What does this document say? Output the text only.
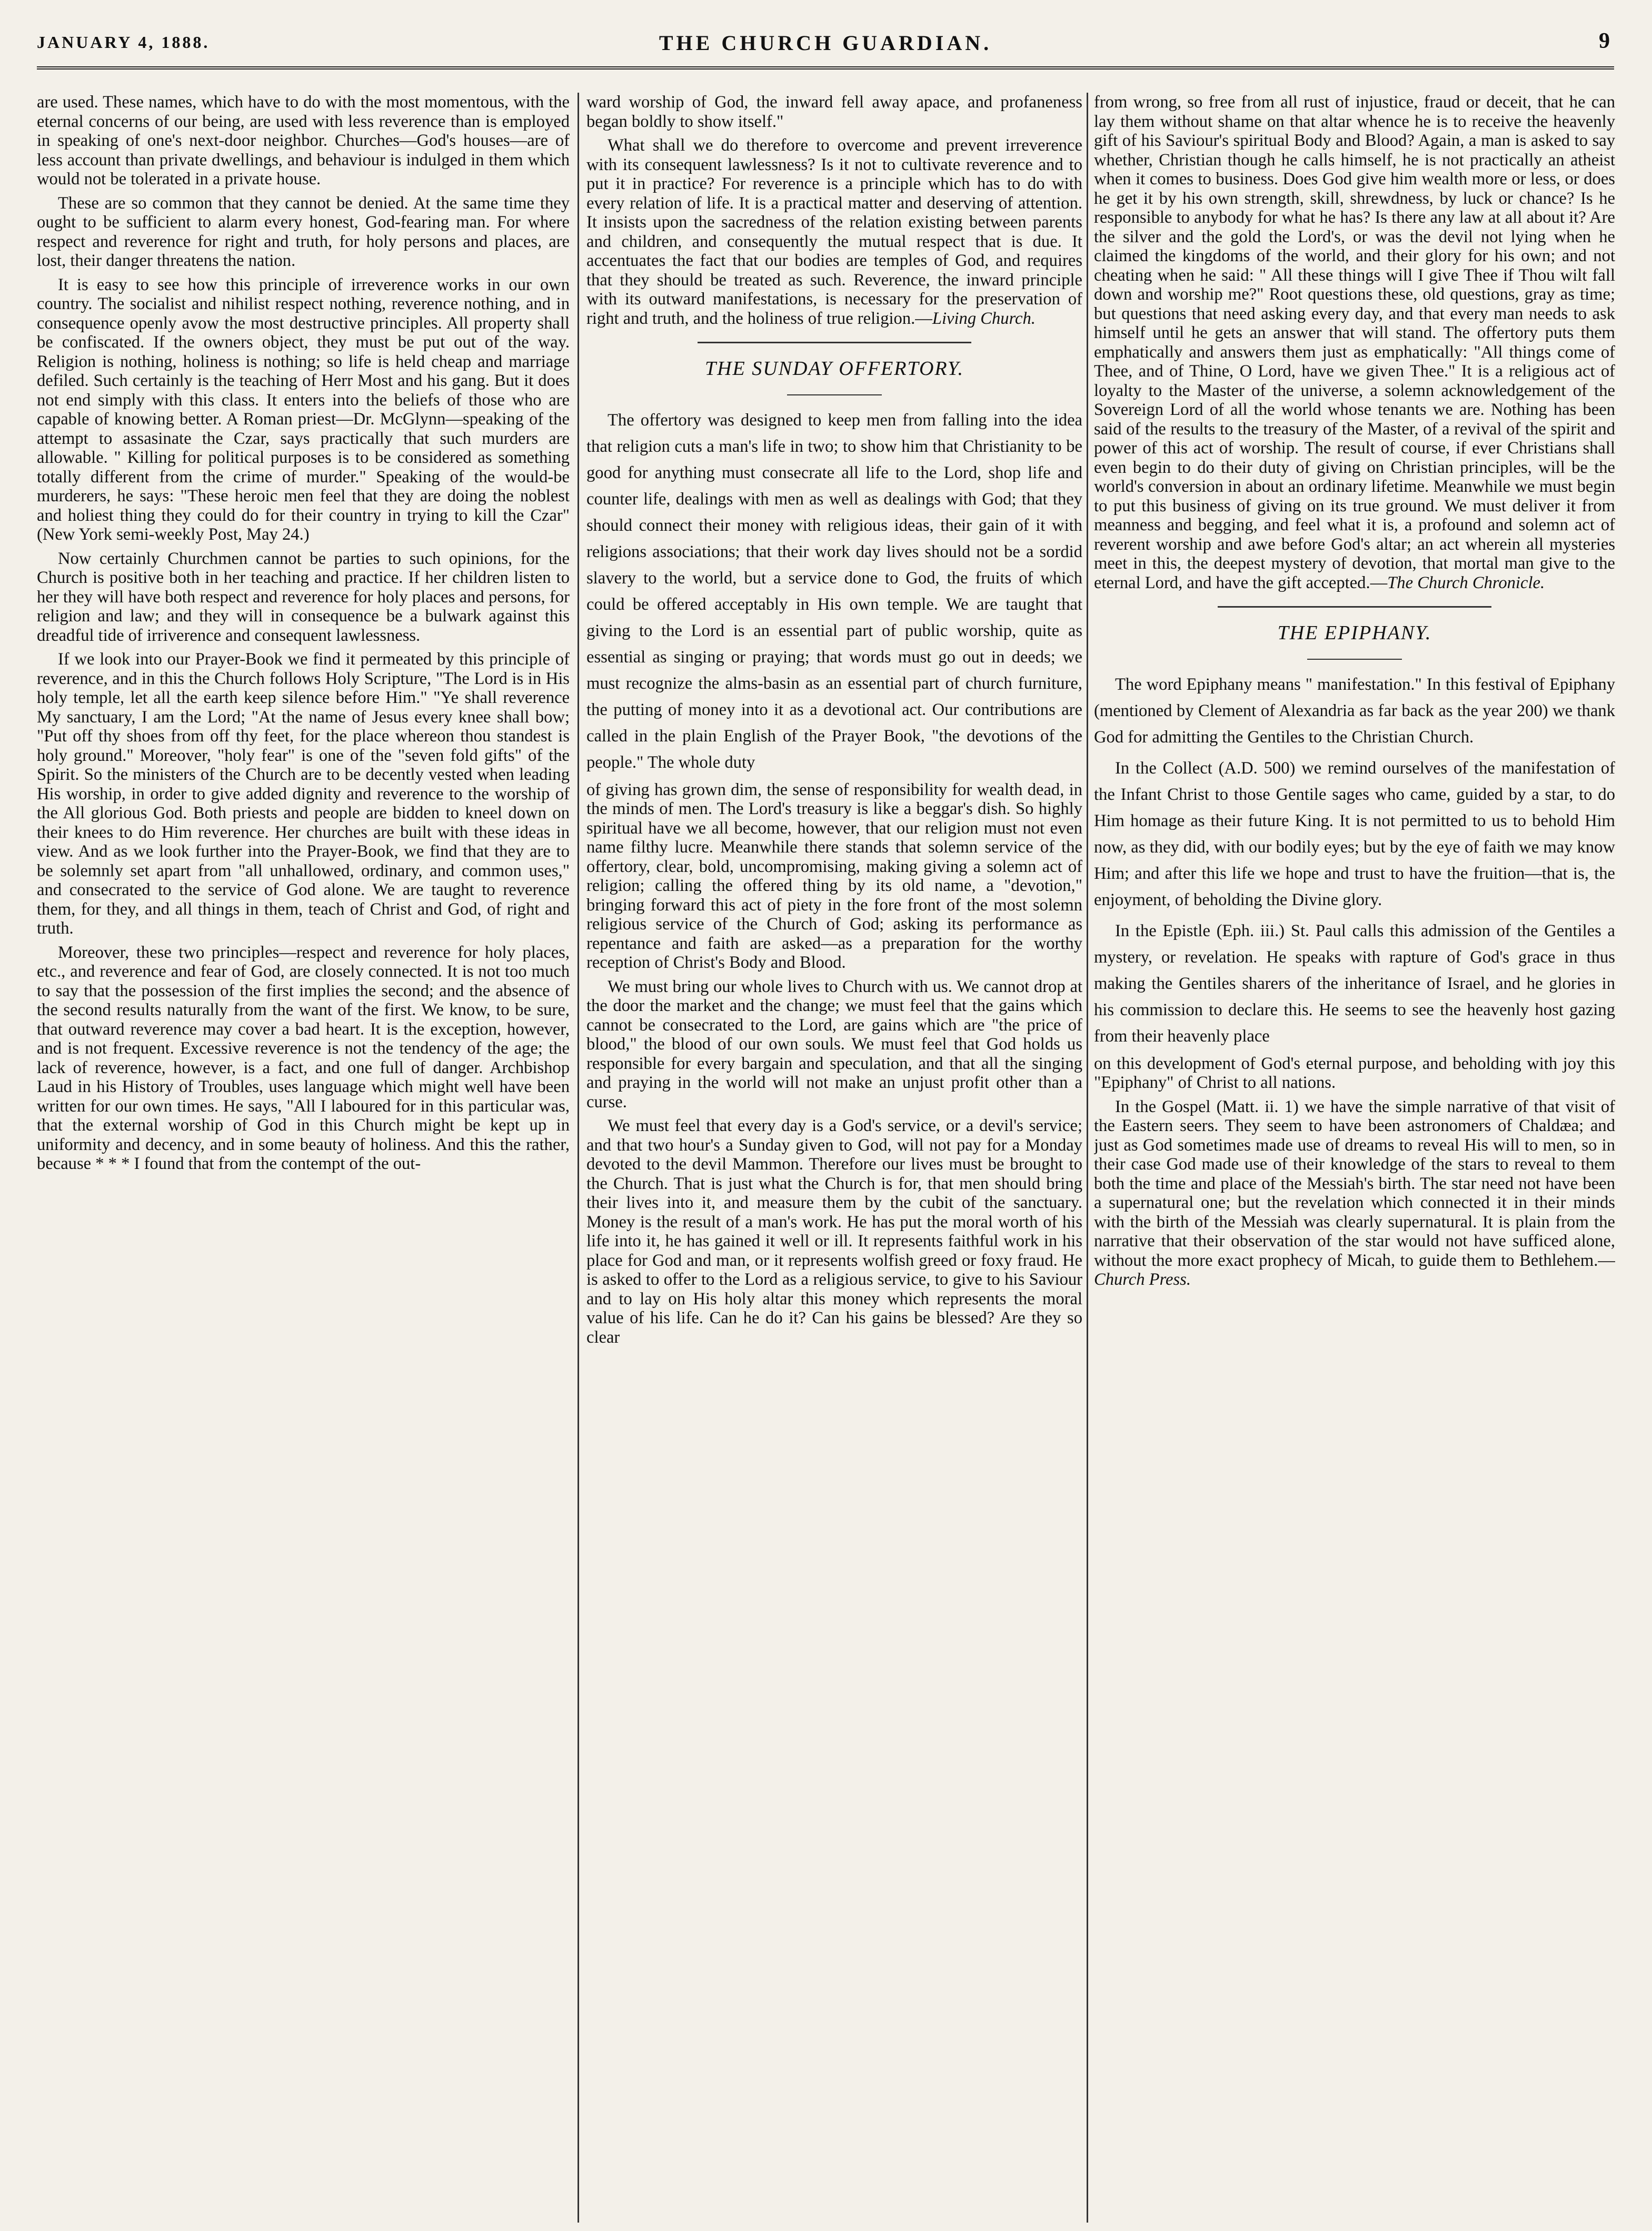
JANUARY 4, 1888.	THE CHURCH GUARDIAN.	9

are used. These names, which have to do with the most momentous, with the eternal concerns of our being, are used with less reverence than is employed in speaking of one's next-door neighbor. Churches—God's houses—are of less account than private dwellings, and behaviour is indulged in them which would not be tolerated in a private house.

These are so common that they cannot be denied. At the same time they ought to be sufficient to alarm every honest, God-fearing man. For where respect and reverence for right and truth, for holy persons and places, are lost, their danger threatens the nation.

It is easy to see how this principle of irreverence works in our own country. The socialist and nihilist respect nothing, reverence nothing, and in consequence openly avow the most destructive principles. All property shall be confiscated. If the owners object, they must be put out of the way. Religion is nothing, holiness is nothing; so life is held cheap and marriage defiled. Such certainly is the teaching of Herr Most and his gang. But it does not end simply with this class. It enters into the beliefs of those who are capable of knowing better. A Roman priest—Dr. McGlynn—speaking of the attempt to assasinate the Czar, says practically that such murders are allowable. " Killing for political purposes is to be considered as something totally different from the crime of murder." Speaking of the would-be murderers, he says: "These heroic men feel that they are doing the noblest and holiest thing they could do for their country in trying to kill the Czar" (New York semi-weekly Post, May 24.)

Now certainly Churchmen cannot be parties to such opinions, for the Church is positive both in her teaching and practice. If her children listen to her they will have both respect and reverence for holy places and persons, for religion and law; and they will in consequence be a bulwark against this dreadful tide of irriverence and consequent lawlessness.

If we look into our Prayer-Book we find it permeated by this principle of reverence, and in this the Church follows Holy Scripture, "The Lord is in His holy temple, let all the earth keep silence before Him." "Ye shall reverence My sanctuary, I am the Lord; "At the name of Jesus every knee shall bow; "Put off thy shoes from off thy feet, for the place whereon thou standest is holy ground." Moreover, "holy fear" is one of the "seven fold gifts" of the Spirit. So the ministers of the Church are to be decently vested when leading His worship, in order to give added dignity and reverence to the worship of the All glorious God. Both priests and people are bidden to kneel down on their knees to do Him reverence. Her churches are built with these ideas in view. And as we look further into the Prayer-Book, we find that they are to be solemnly set apart from "all unhallowed, ordinary, and common uses," and consecrated to the service of God alone. We are taught to reverence them, for they, and all things in them, teach of Christ and God, of right and truth.

Moreover, these two principles—respect and reverence for holy places, etc., and reverence and fear of God, are closely connected. It is not too much to say that the possession of the first implies the second; and the absence of the second results naturally from the want of the first. We know, to be sure, that outward reverence may cover a bad heart. It is the exception, however, and is not frequent. Excessive reverence is not the tendency of the age; the lack of reverence, however, is a fact, and one full of danger. Archbishop Laud in his History of Troubles, uses language which might well have been written for our own times. He says, "All I laboured for in this particular was, that the external worship of God in this Church might be kept up in uniformity and decency, and in some beauty of holiness. And this the rather, because * * * I found that from the contempt of the out-

ward worship of God, the inward fell away apace, and profaneness began boldly to show itself."

What shall we do therefore to overcome and prevent irreverence with its consequent lawlessness? Is it not to cultivate reverence and to put it in practice? For reverence is a principle which has to do with every relation of life. It is a practical matter and deserving of attention. It insists upon the sacredness of the relation existing between parents and children, and consequently the mutual respect that is due. It accentuates the fact that our bodies are temples of God, and requires that they should be treated as such. Reverence, the inward principle with its outward manifestations, is necessary for the preservation of right and truth, and the holiness of true religion.—Living Church.

THE SUNDAY OFFERTORY.

The offertory was designed to keep men from falling into the idea that religion cuts a man's life in two; to show him that Christianity to be good for anything must consecrate all life to the Lord, shop life and counter life, dealings with men as well as dealings with God; that they should connect their money with religious ideas, their gain of it with religions associations; that their work day lives should not be a sordid slavery to the world, but a service done to God, the fruits of which could be offered acceptably in His own temple. We are taught that giving to the Lord is an essential part of public worship, quite as essential as singing or praying; that words must go out in deeds; we must recognize the alms-basin as an essential part of church furniture, the putting of money into it as a devotional act. Our contributions are called in the plain English of the Prayer Book, "the devotions of the people." The whole duty

of giving has grown dim, the sense of responsibility for wealth dead, in the minds of men. The Lord's treasury is like a beggar's dish. So highly spiritual have we all become, however, that our religion must not even name filthy lucre. Meanwhile there stands that solemn service of the offertory, clear, bold, uncompromising, making giving a solemn act of religion; calling the offered thing by its old name, a "devotion," bringing forward this act of piety in the fore front of the most solemn religious service of the Church of God; asking its performance as repentance and faith are asked—as a preparation for the worthy reception of Christ's Body and Blood.

We must bring our whole lives to Church with us. We cannot drop at the door the market and the change; we must feel that the gains which cannot be consecrated to the Lord, are gains which are "the price of blood," the blood of our own souls. We must feel that God holds us responsible for every bargain and speculation, and that all the singing and praying in the world will not make an unjust profit other than a curse.

We must feel that every day is a God's service, or a devil's service; and that two hour's a Sunday given to God, will not pay for a Monday devoted to the devil Mammon. Therefore our lives must be brought to the Church. That is just what the Church is for, that men should bring their lives into it, and measure them by the cubit of the sanctuary. Money is the result of a man's work. He has put the moral worth of his life into it, he has gained it well or ill. It represents faithful work in his place for God and man, or it represents wolfish greed or foxy fraud. He is asked to offer to the Lord as a religious service, to give to his Saviour and to lay on His holy altar this money which represents the moral value of his life. Can he do it? Can his gains be blessed? Are they so clear

from wrong, so free from all rust of injustice, fraud or deceit, that he can lay them without shame on that altar whence he is to receive the heavenly gift of his Saviour's spiritual Body and Blood? Again, a man is asked to say whether, Christian though he calls himself, he is not practically an atheist when it comes to business. Does God give him wealth more or less, or does he get it by his own strength, skill, shrewdness, by luck or chance? Is he responsible to anybody for what he has? Is there any law at all about it? Are the silver and the gold the Lord's, or was the devil not lying when he claimed the kingdoms of the world, and their glory for his own; and not cheating when he said: " All these things will I give Thee if Thou wilt fall down and worship me?" Root questions these, old questions, gray as time; but questions that need asking every day, and that every man needs to ask himself until he gets an answer that will stand. The offertory puts them emphatically and answers them just as emphatically: "All things come of Thee, and of Thine, O Lord, have we given Thee." It is a religious act of loyalty to the Master of the universe, a solemn acknowledgement of the Sovereign Lord of all the world whose tenants we are. Nothing has been said of the results to the treasury of the Master, of a revival of the spirit and power of this act of worship. The result of course, if ever Christians shall even begin to do their duty of giving on Christian principles, will be the world's conversion in about an ordinary lifetime. Meanwhile we must begin to put this business of giving on its true ground. We must deliver it from meanness and begging, and feel what it is, a profound and solemn act of reverent worship and awe before God's altar; an act wherein all mysteries meet in this, the deepest mystery of devotion, that mortal man give to the eternal Lord, and have the gift accepted.—The Church Chronicle.

THE EPIPHANY.

The word Epiphany means " manifestation." In this festival of Epiphany (mentioned by Clement of Alexandria as far back as the year 200) we thank God for admitting the Gentiles to the Christian Church.

In the Collect (A.D. 500) we remind ourselves of the manifestation of the Infant Christ to those Gentile sages who came, guided by a star, to do Him homage as their future King. It is not permitted to us to behold Him now, as they did, with our bodily eyes; but by the eye of faith we may know Him; and after this life we hope and trust to have the fruition—that is, the enjoyment, of beholding the Divine glory.

In the Epistle (Eph. iii.) St. Paul calls this admission of the Gentiles a mystery, or revelation. He speaks with rapture of God's grace in thus making the Gentiles sharers of the inheritance of Israel, and he glories in his commission to declare this. He seems to see the heavenly host gazing from their heavenly place

on this development of God's eternal purpose, and beholding with joy this "Epiphany" of Christ to all nations.

In the Gospel (Matt. ii. 1) we have the simple narrative of that visit of the Eastern seers. They seem to have been astronomers of Chaldæa; and just as God sometimes made use of dreams to reveal His will to men, so in their case God made use of their knowledge of the stars to reveal to them both the time and place of the Messiah's birth. The star need not have been a supernatural one; but the revelation which connected it in their minds with the birth of the Messiah was clearly supernatural. It is plain from the narrative that their observation of the star would not have sufficed alone, without the more exact prophecy of Micah, to guide them to Bethlehem.—Church Press.
